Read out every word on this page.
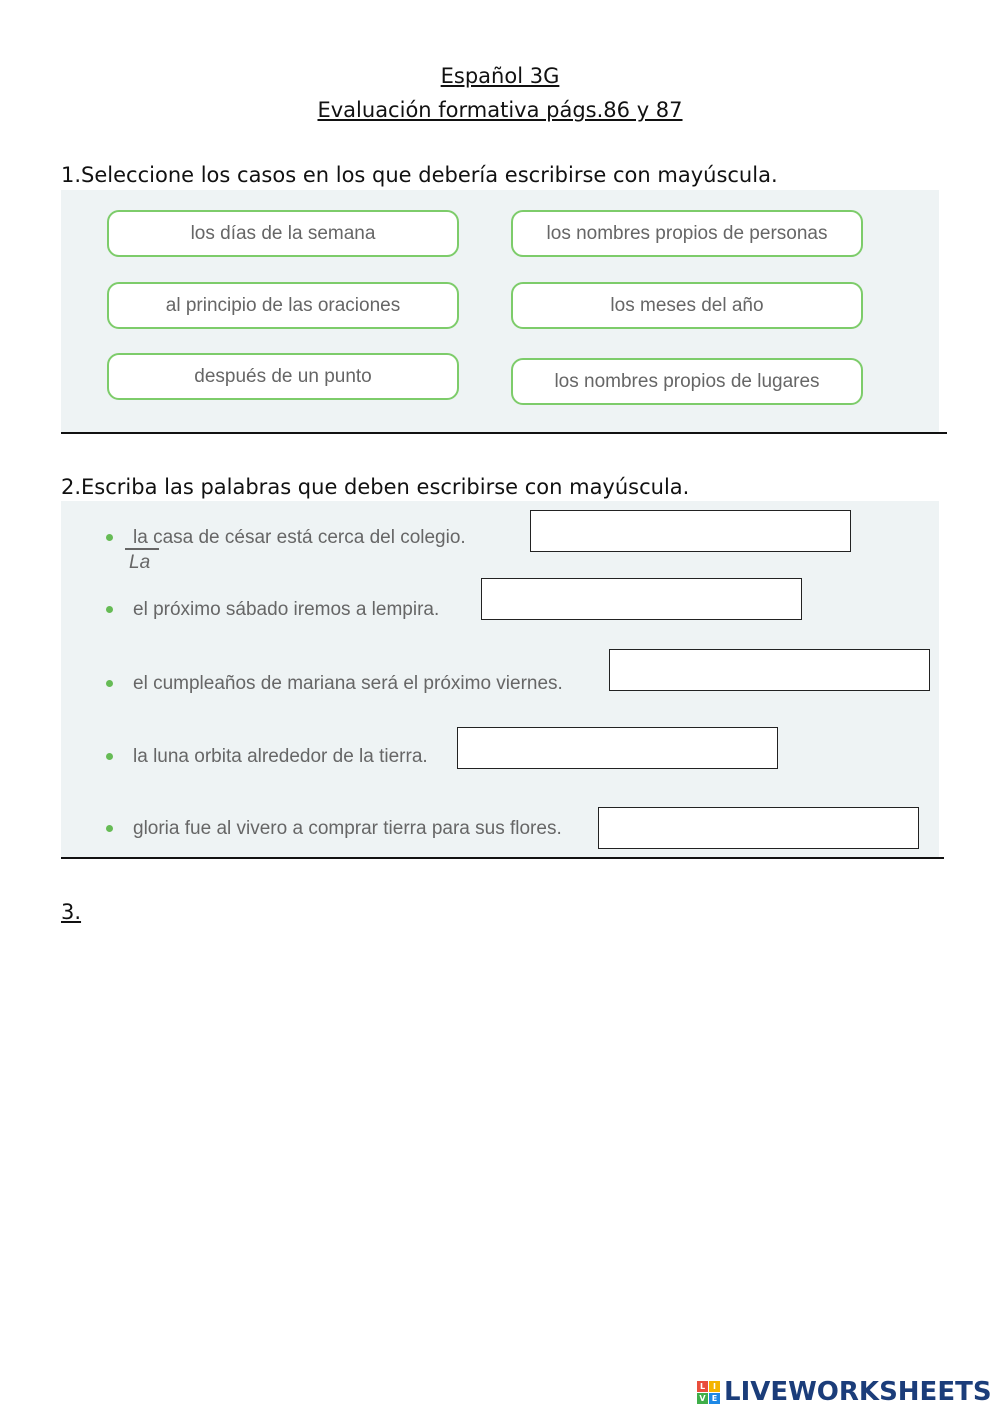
Español 3G
Evaluación formativa págs.86 y 87
1.Seleccione los casos en los que debería escribirse con mayúscula.
los días de la semana	los nombres propios de personas
al principio de las oraciones	los meses del año
después de un punto	los nombres propios de lugares
2.Escriba las palabras que deben escribirse con mayúscula.
la casa de césar está cerca del colegio.
La
el próximo sábado iremos a lempira.
el cumpleaños de mariana será el próximo viernes.
la luna orbita alrededor de la tierra.
gloria fue al vivero a comprar tierra para sus flores.
3.
L I
V E LIVEWORKSHEETS
